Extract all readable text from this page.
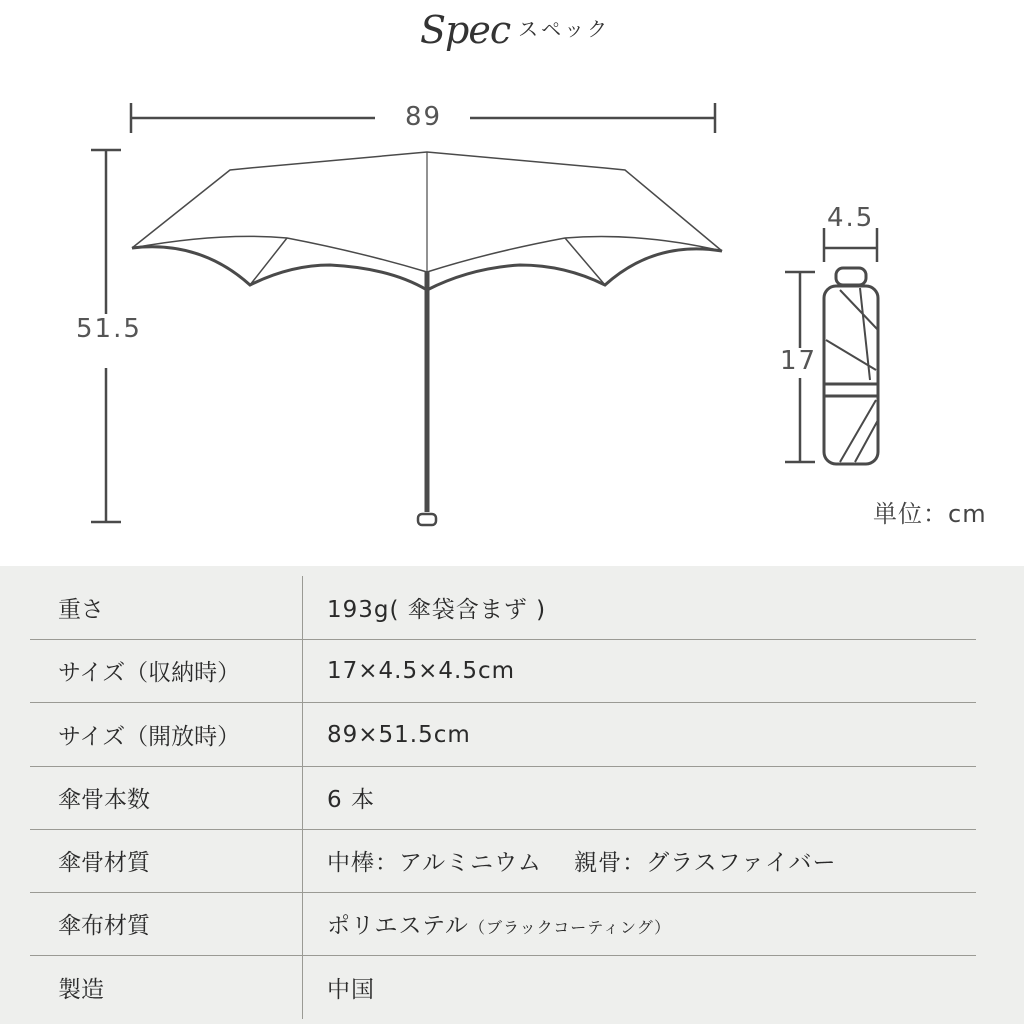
Spec スペック
89
51.5
4.5
17
単位：cm
重さ	193g( 傘袋含まず )
サイズ（収納時）	17×4.5×4.5cm
サイズ（開放時）	89×51.5cm
傘骨本数	6 本
傘骨材質	中棒：アルミニウム　 親骨：グラスファイバー
傘布材質	ポリエステル（ブラックコーティング）
製造	中国
